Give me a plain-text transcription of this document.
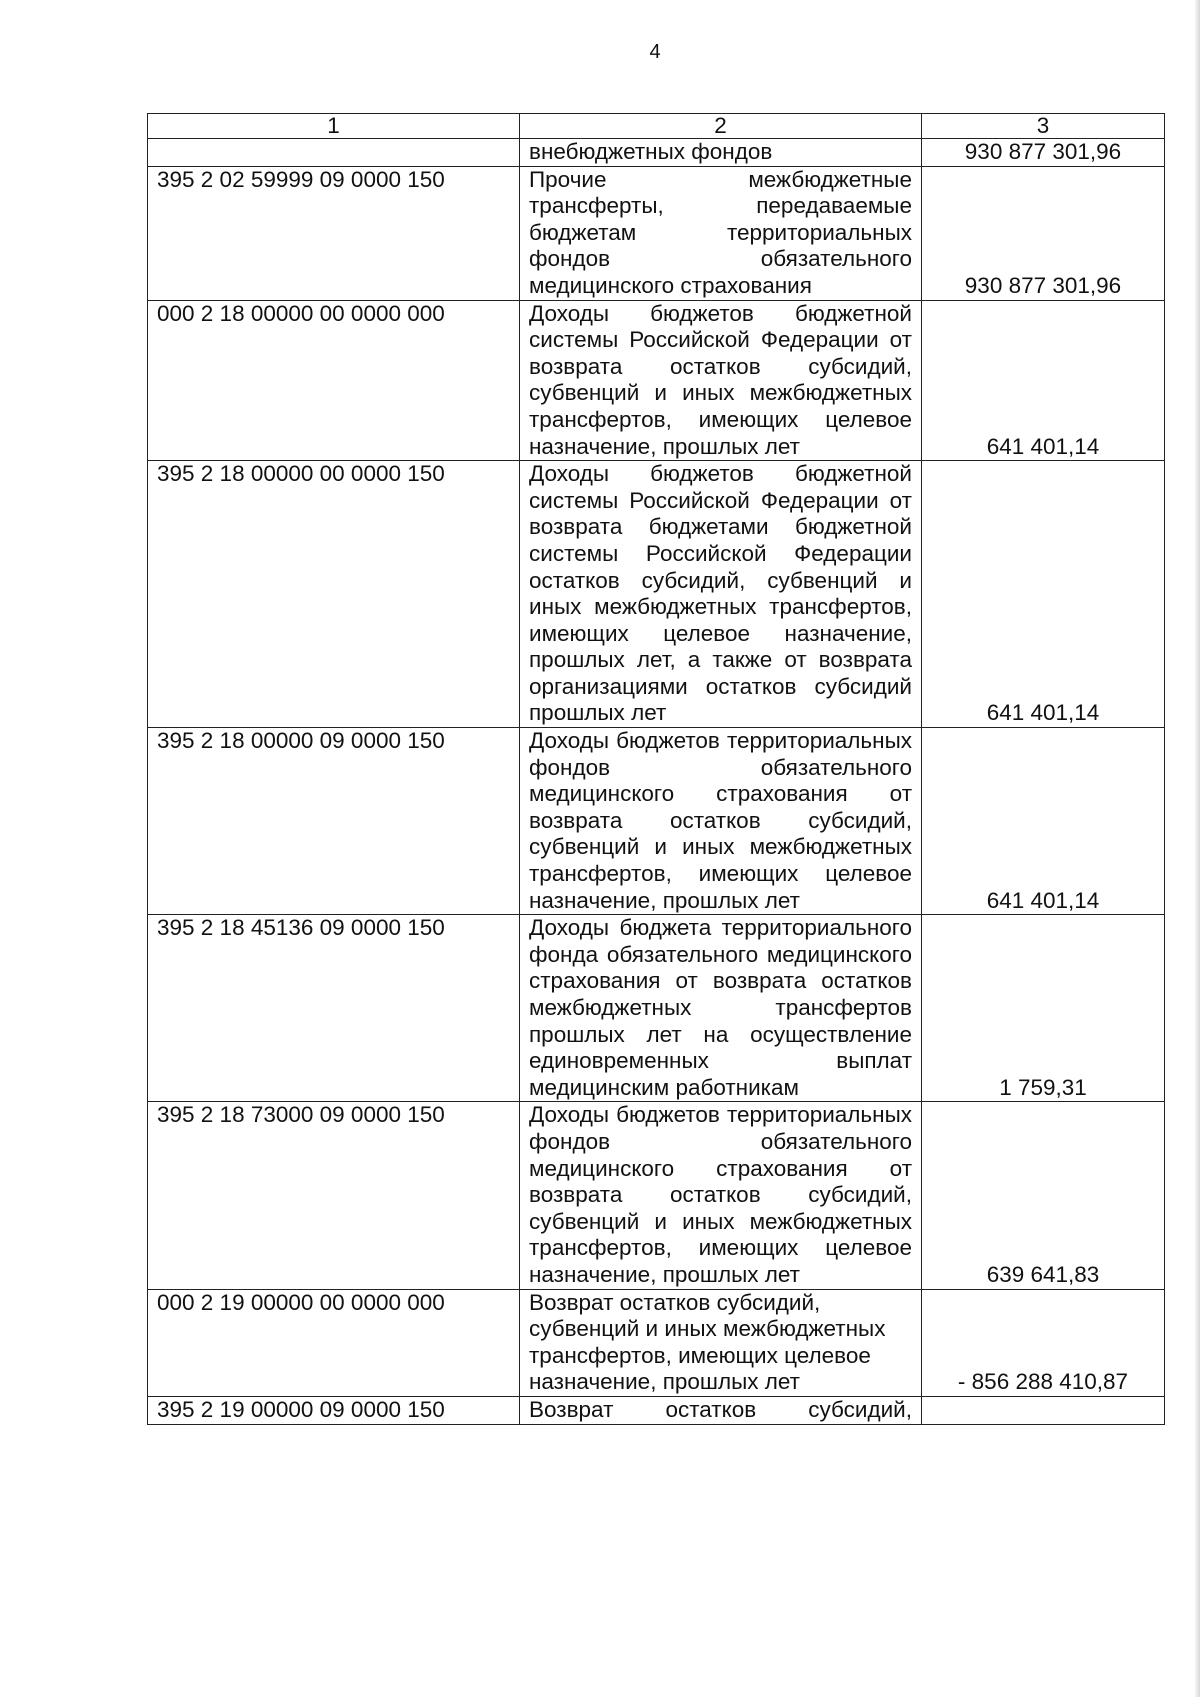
4
1	2	3
	внебюджетных фондов	930 877 301,96
395 2 02 59999 09 0000 150	Прочие межбюджетные трансферты, передаваемые бюджетам территориальных фондов обязательного медицинского страхования	930 877 301,96
000 2 18 00000 00 0000 000	Доходы бюджетов бюджетной системы Российской Федерации от возврата остатков субсидий, субвенций и иных межбюджетных трансфертов, имеющих целевое назначение, прошлых лет	641 401,14
395 2 18 00000 00 0000 150	Доходы бюджетов бюджетной системы Российской Федерации от возврата бюджетами бюджетной системы Российской Федерации остатков субсидий, субвенций и иных межбюджетных трансфертов, имеющих целевое назначение, прошлых лет, а также от возврата организациями остатков субсидий прошлых лет	641 401,14
395 2 18 00000 09 0000 150	Доходы бюджетов территориальных фондов обязательного медицинского страхования от возврата остатков субсидий, субвенций и иных межбюджетных трансфертов, имеющих целевое назначение, прошлых лет	641 401,14
395 2 18 45136 09 0000 150	Доходы бюджета территориального фонда обязательного медицинского страхования от возврата остатков межбюджетных трансфертов прошлых лет на осуществление единовременных выплат медицинским работникам	1 759,31
395 2 18 73000 09 0000 150	Доходы бюджетов территориальных фондов обязательного медицинского страхования от возврата остатков субсидий, субвенций и иных межбюджетных трансфертов, имеющих целевое назначение, прошлых лет	639 641,83
000 2 19 00000 00 0000 000	Возврат остатков субсидий, субвенций и иных межбюджетных трансфертов, имеющих целевое назначение, прошлых лет	- 856 288 410,87
395 2 19 00000 09 0000 150	Возврат остатков субсидий,	
